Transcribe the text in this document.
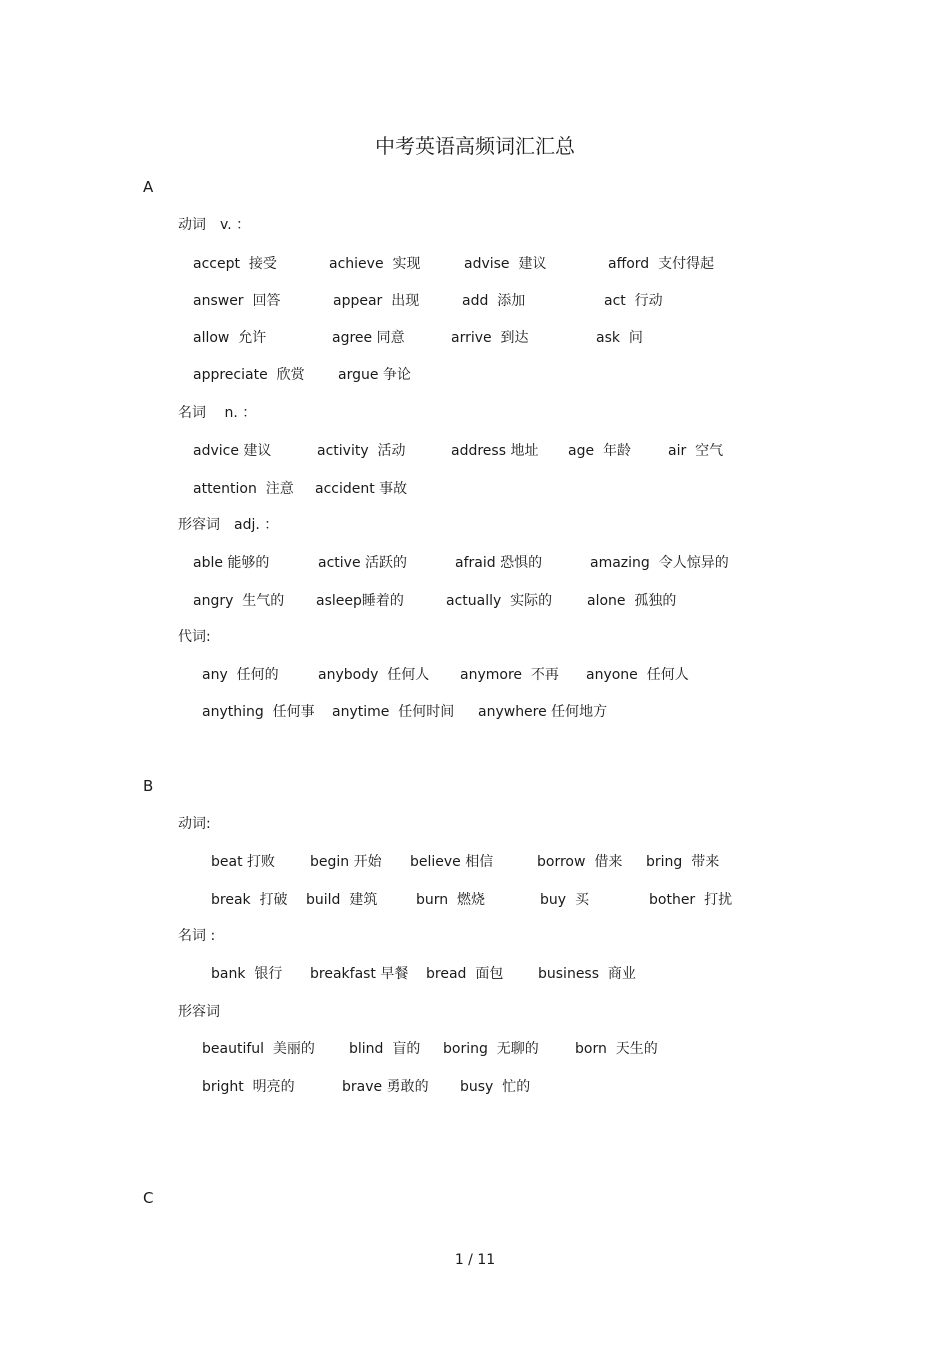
中考英语高频词汇汇总
A
动词　v. ：
accept  接受	achieve  实现	advise  建议	afford  支付得起
answer  回答	appear  出现	add  添加	act  行动
allow  允许	agree 同意	arrive  到达	ask  问
appreciate  欣赏 argue 争论
名词　 n. ：
advice 建议	activity  活动	address 地址 age  年龄	air  空气
attention  注意 accident 事故
形容词　adj. ：
able 能够的	active 活跃的	afraid 恐惧的	amazing  令人惊异的
angry  生气的 asleep睡着的	actually  实际的 alone  孤独的
代词:
any  任何的	anybody  任何人 anymore  不再 anyone  任何人
anything  任何事 anytime  任何时间 anywhere 任何地方
B
动词:
beat 打败 begin 开始 believe 相信	borrow  借来 bring  带来
break  打破 build  建筑	burn  燃烧	buy  买	bother  打扰
名词 :
bank  银行 breakfast 早餐 bread  面包 business  商业
形容词
beautiful  美丽的 blind  盲的 boring  无聊的	born  天生的
bright  明亮的	brave 勇敢的 busy  忙的
C
1 / 11
